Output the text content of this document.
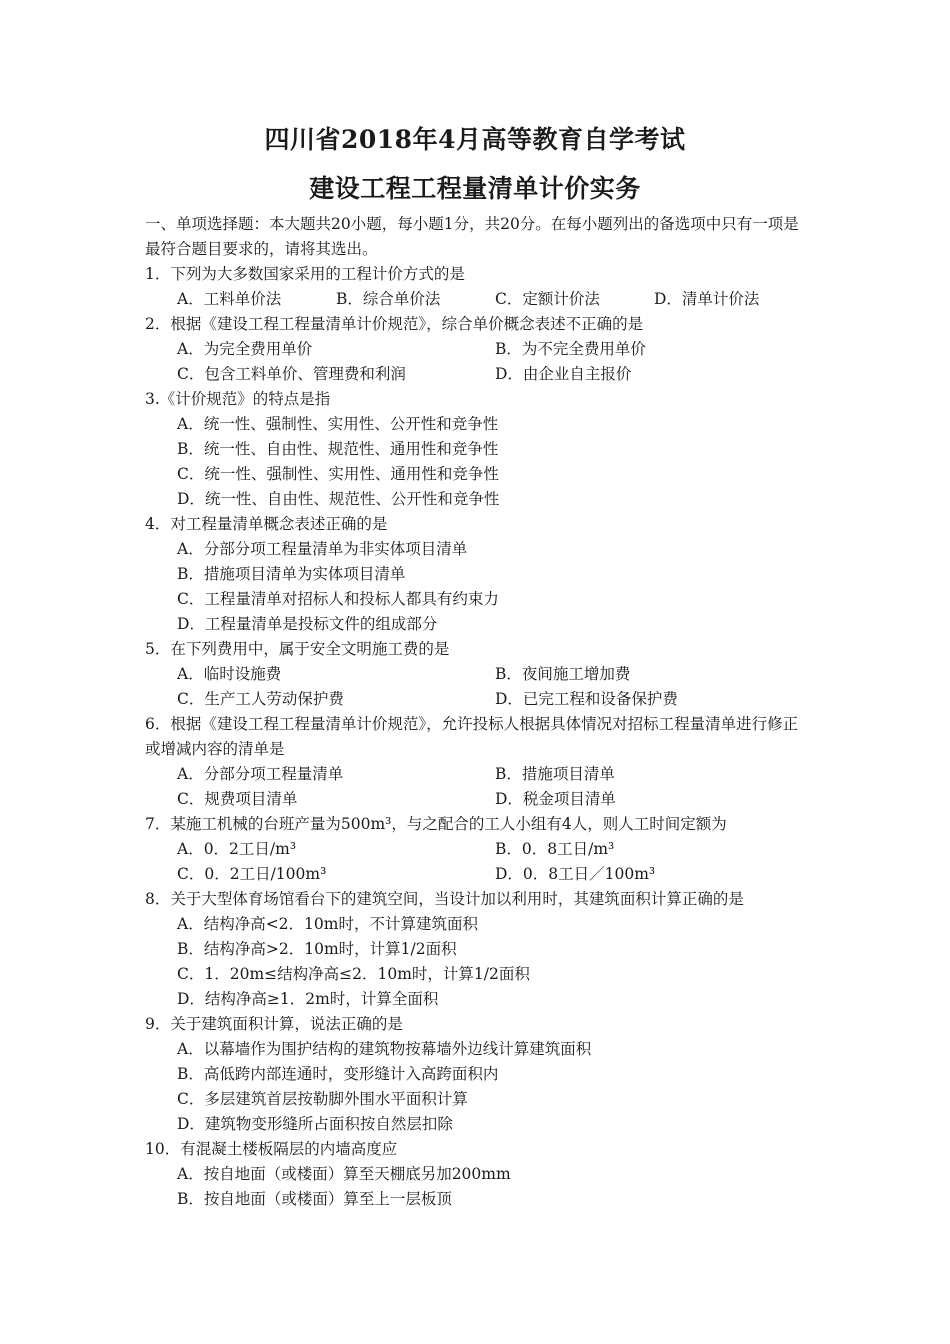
四川省2018年4月高等教育自学考试
建设工程工程量清单计价实务

一、单项选择题：本大题共20小题，每小题1分，共20分。在每小题列出的备选项中只有一项是最符合题目要求的，请将其选出。

1．下列为大多数国家采用的工程计价方式的是

A．工料单价法	B．综合单价法	C．定额计价法	D．清单计价法

2．根据《建设工程工程量清单计价规范》，综合单价概念表述不正确的是

A．为完全费用单价	B．为不完全费用单价
C．包含工料单价、管理费和利润	D．由企业自主报价

3.《计价规范》的特点是指

A．统一性、强制性、实用性、公开性和竞争性

B．统一性、自由性、规范性、通用性和竞争性

C．统一性、强制性、实用性、通用性和竞争性

D．统一性、自由性、规范性、公开性和竞争性

4．对工程量清单概念表述正确的是

A．分部分项工程量清单为非实体项目清单

B．措施项目清单为实体项目清单

C．工程量清单对招标人和投标人都具有约束力

D．工程量清单是投标文件的组成部分

5．在下列费用中，属于安全文明施工费的是

A．临时设施费	B．夜间施工增加费
C．生产工人劳动保护费	D．已完工程和设备保护费

6．根据《建设工程工程量清单计价规范》，允许投标人根据具体情况对招标工程量清单进行修正或增减内容的清单是

A．分部分项工程量清单	B．措施项目清单
C．规费项目清单	D．税金项目清单

7．某施工机械的台班产量为500m³，与之配合的工人小组有4人，则人工时间定额为

A．0．2工日/m³	B．0．8工日/m³
C．0．2工日/100m³	D．0．8工日／100m³

8．关于大型体育场馆看台下的建筑空间，当设计加以利用时，其建筑面积计算正确的是

A．结构净高<2．10m时，不计算建筑面积

B．结构净高>2．10m时，计算1/2面积

C．1．20m≤结构净高≤2．10m时，计算1/2面积

D．结构净高≥1．2m时，计算全面积

9．关于建筑面积计算，说法正确的是

A．以幕墙作为围护结构的建筑物按幕墙外边线计算建筑面积

B．高低跨内部连通时，变形缝计入高跨面积内

C．多层建筑首层按勒脚外围水平面积计算

D．建筑物变形缝所占面积按自然层扣除

10．有混凝土楼板隔层的内墙高度应

A．按自地面（或楼面）算至天棚底另加200mm

B．按自地面（或楼面）算至上一层板顶
